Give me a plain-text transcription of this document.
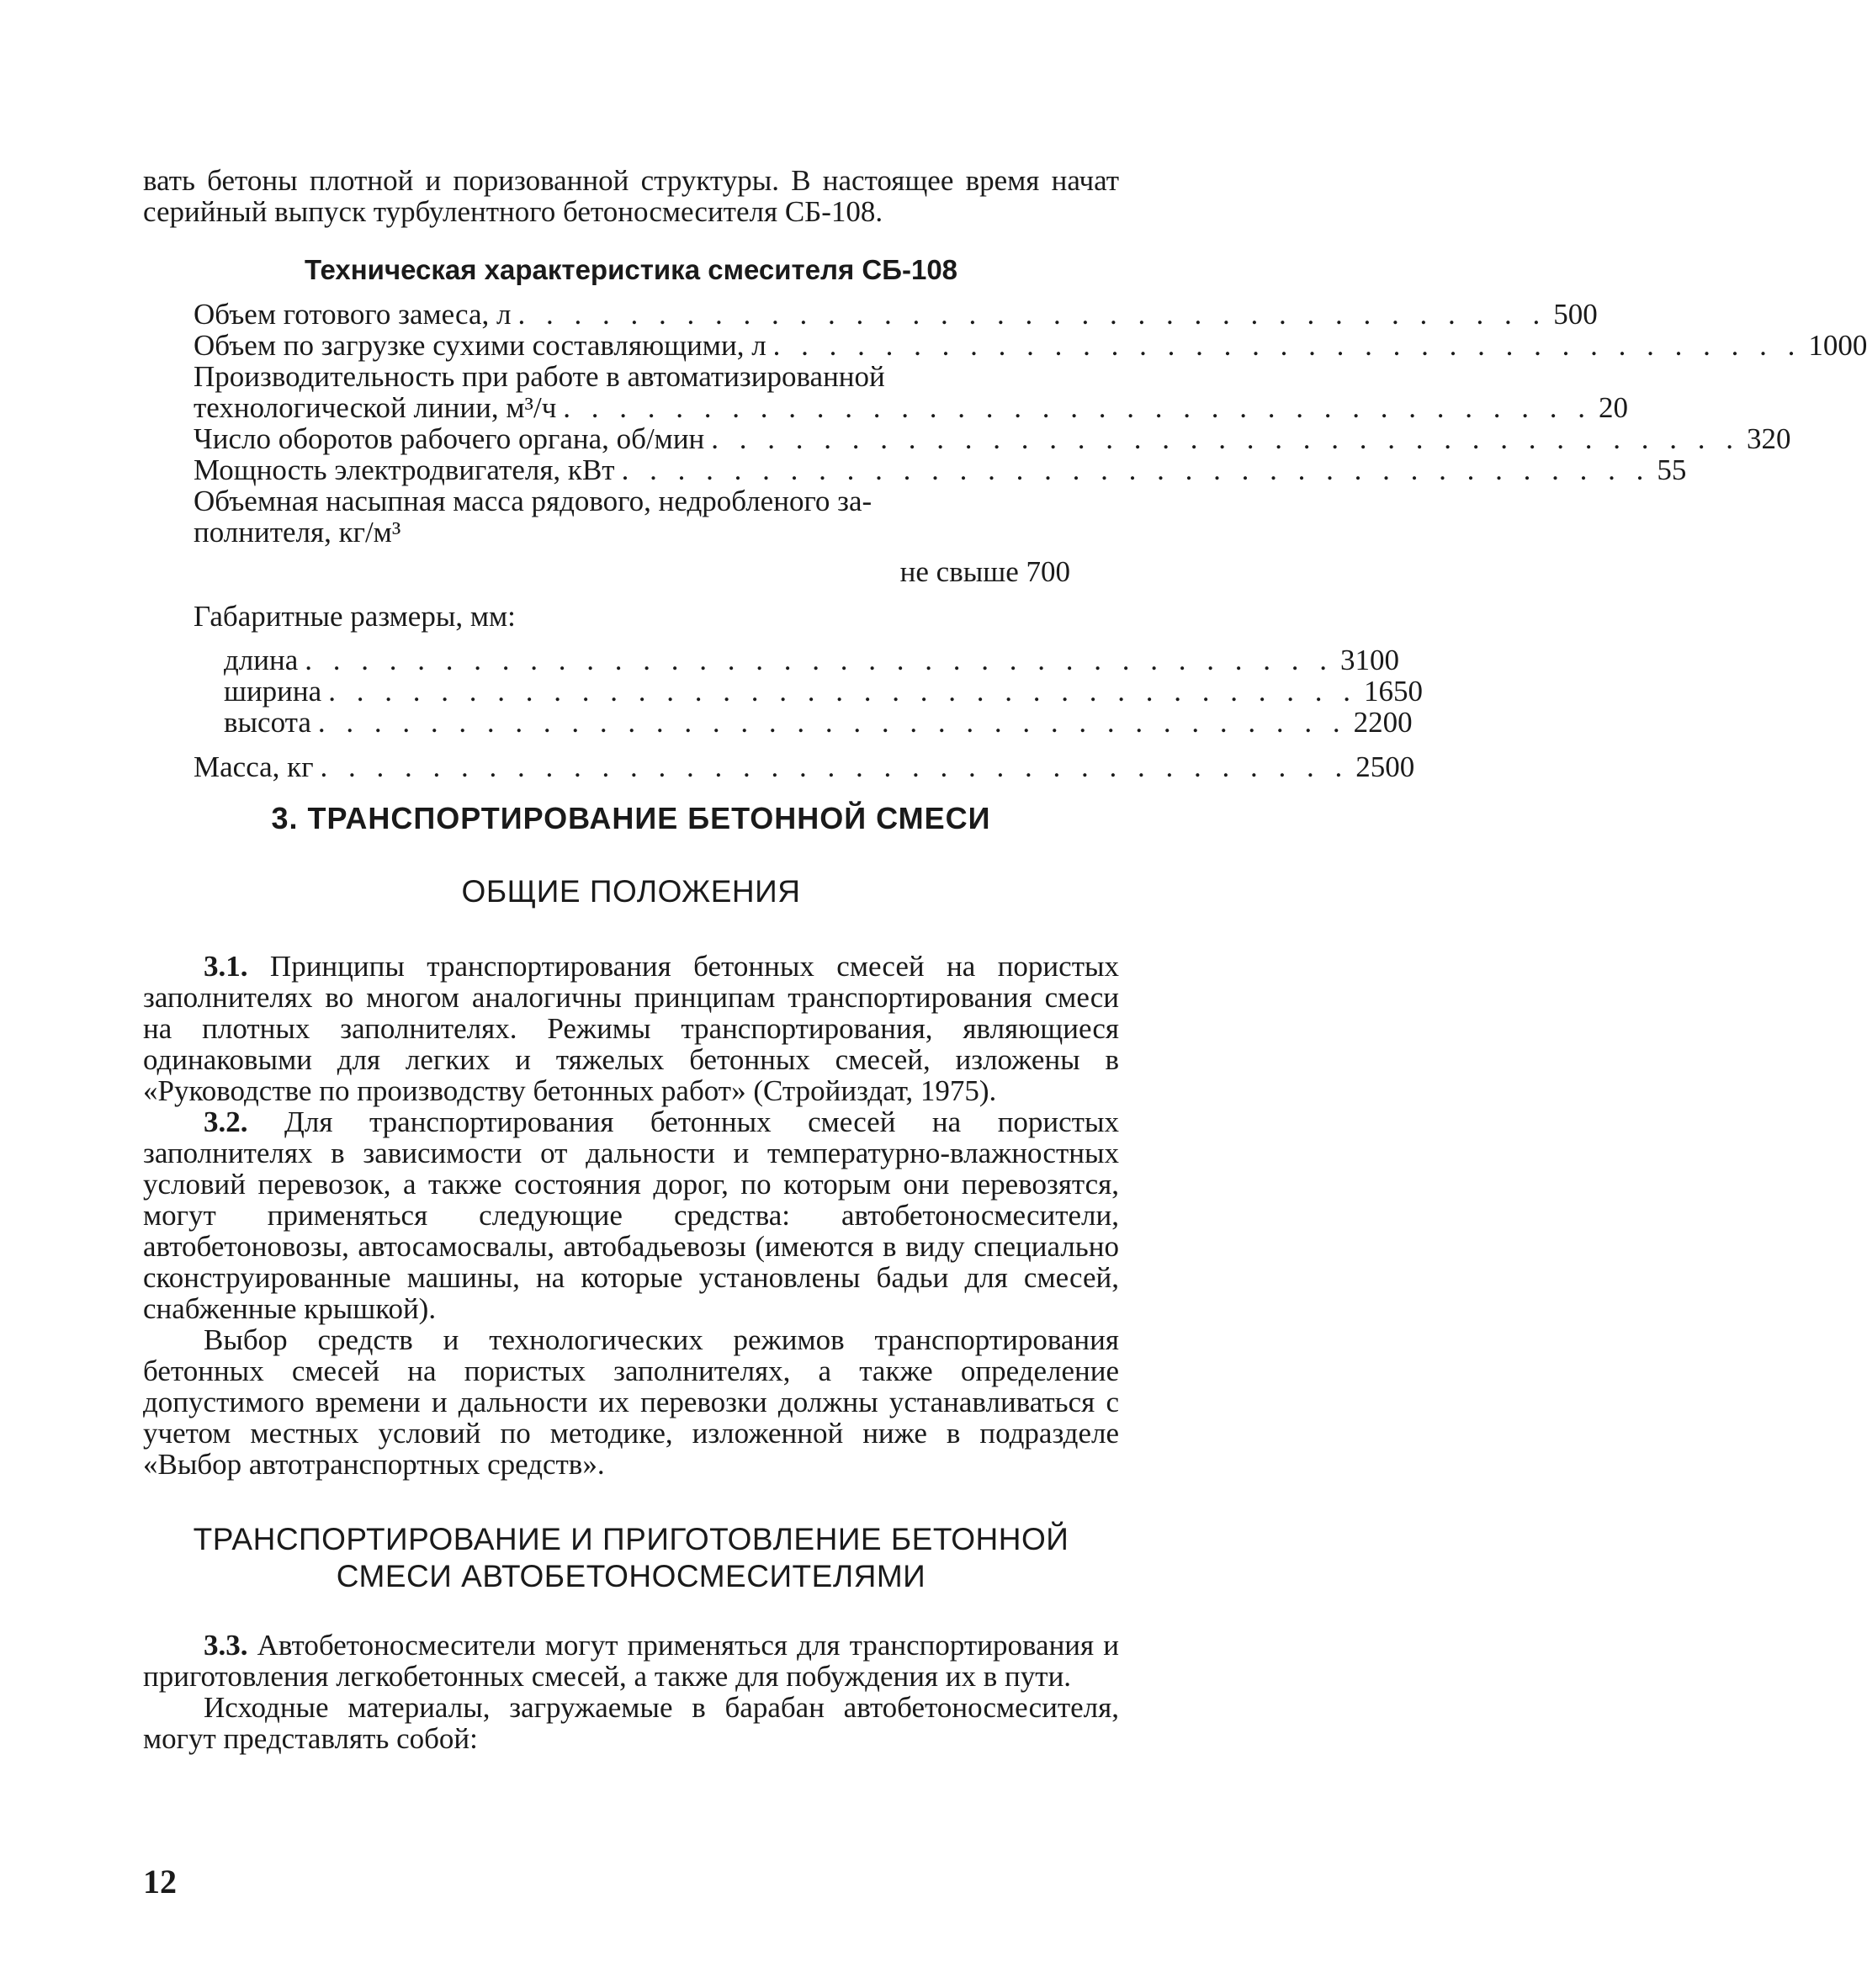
вать бетоны плотной и поризованной структуры. В настоящее время начат серийный выпуск турбулентного бетоносмесителя СБ-108.

Техническая характеристика смесителя СБ-108
Объем готового замеса, л . . . . . . . . . . . . . . . . . . . . . . . . . . . . . . . . . . . . . 500
Объем по загрузке сухими составляющими, л . . . . . . . . . . . . . . . . . . . . . . . . . . . . . . . . . . . . . 1000
Производительность при работе в автоматизированной
технологической линии, м³/ч . . . . . . . . . . . . . . . . . . . . . . . . . . . . . . . . . . . . . 20
Число оборотов рабочего органа, об/мин . . . . . . . . . . . . . . . . . . . . . . . . . . . . . . . . . . . . . 320
Мощность электродвигателя, кВт . . . . . . . . . . . . . . . . . . . . . . . . . . . . . . . . . . . . . 55
Объемная насыпная масса рядового, недробленого за-
полнителя, кг/м³
не свыше 700
Габаритные размеры, мм:
длина . . . . . . . . . . . . . . . . . . . . . . . . . . . . . . . . . . . . . 3100
ширина . . . . . . . . . . . . . . . . . . . . . . . . . . . . . . . . . . . . . 1650
высота . . . . . . . . . . . . . . . . . . . . . . . . . . . . . . . . . . . . . 2200
Масса, кг . . . . . . . . . . . . . . . . . . . . . . . . . . . . . . . . . . . . . 2500
3. ТРАНСПОРТИРОВАНИЕ БЕТОННОЙ СМЕСИ
ОБЩИЕ ПОЛОЖЕНИЯ

3.1. Принципы транспортирования бетонных смесей на пористых заполнителях во многом аналогичны принципам транспортирования смеси на плотных заполнителях. Режимы транспортирования, являющиеся одинаковыми для легких и тяжелых бетонных смесей, изложены в «Руководстве по производству бетонных работ» (Стройиздат, 1975).

3.2. Для транспортирования бетонных смесей на пористых заполнителях в зависимости от дальности и температурно-влажностных условий перевозок, а также состояния дорог, по которым они перевозятся, могут применяться следующие средства: автобетоносмесители, автобетоновозы, автосамосвалы, автобадьевозы (имеются в виду специально сконструированные машины, на которые установлены бадьи для смесей, снабженные крышкой).

Выбор средств и технологических режимов транспортирования бетонных смесей на пористых заполнителях, а также определение допустимого времени и дальности их перевозки должны устанавливаться с учетом местных условий по методике, изложенной ниже в подразделе «Выбор автотранспортных средств».

ТРАНСПОРТИРОВАНИЕ И ПРИГОТОВЛЕНИЕ БЕТОННОЙ
СМЕСИ АВТОБЕТОНОСМЕСИТЕЛЯМИ

3.3. Автобетоносмесители могут применяться для транспортирования и приготовления легкобетонных смесей, а также для побуждения их в пути.

Исходные материалы, загружаемые в барабан автобетоносмесителя, могут представлять собой:

12
